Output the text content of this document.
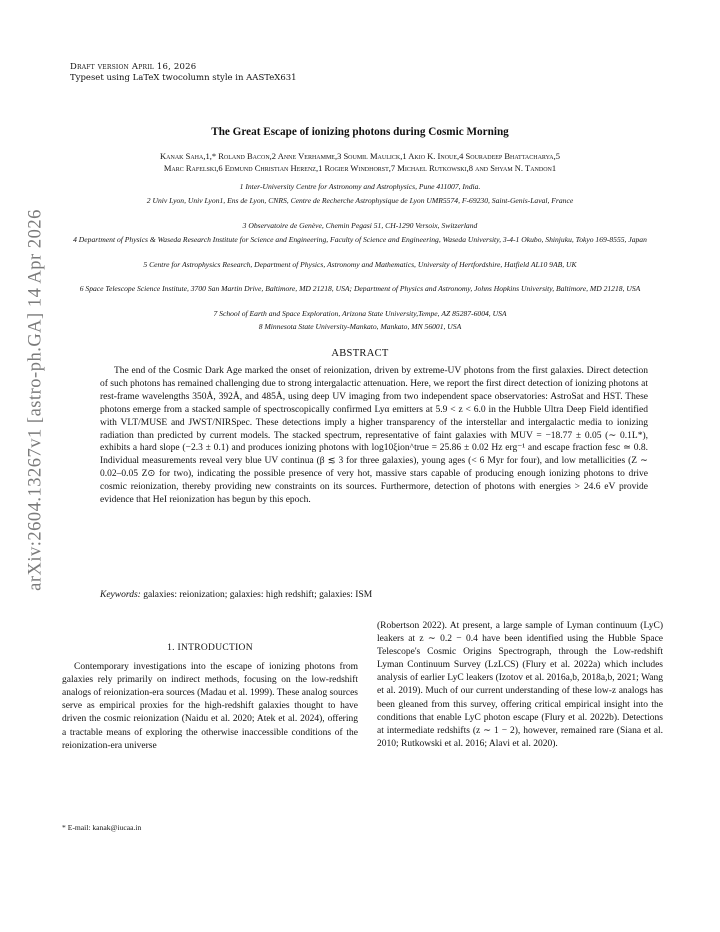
Draft version April 16, 2026
Typeset using LaTeX twocolumn style in AASTeX631
arXiv:2604.13267v1 [astro-ph.GA] 14 Apr 2026
The Great Escape of ionizing photons during Cosmic Morning
Kanak Saha,1,* Roland Bacon,2 Anne Verhamme,3 Soumil Maulick,1 Akio K. Inoue,4 Souradeep Bhattacharya,5
Marc Rafelski,6 Edmund Christian Herenz,1 Rogier Windhorst,7 Michael Rutkowski,8 and Shyam N. Tandon1
1 Inter-University Centre for Astronomy and Astrophysics, Pune 411007, India.
2 Univ Lyon, Univ Lyon1, Ens de Lyon, CNRS, Centre de Recherche Astrophysique de Lyon UMR5574, F-69230, Saint-Genis-Laval, France
3 Observatoire de Genève, Chemin Pegasi 51, CH-1290 Versoix, Switzerland
4 Department of Physics & Waseda Research Institute for Science and Engineering, Faculty of Science and Engineering, Waseda University, 3-4-1 Okubo, Shinjuku, Tokyo 169-8555, Japan
5 Centre for Astrophysics Research, Department of Physics, Astronomy and Mathematics, University of Hertfordshire, Hatfield AL10 9AB, UK
6 Space Telescope Science Institute, 3700 San Martin Drive, Baltimore, MD 21218, USA; Department of Physics and Astronomy, Johns Hopkins University, Baltimore, MD 21218, USA
7 School of Earth and Space Exploration, Arizona State University,Tempe, AZ 85287-6004, USA
8 Minnesota State University-Mankato, Mankato, MN 56001, USA
ABSTRACT

The end of the Cosmic Dark Age marked the onset of reionization, driven by extreme-UV photons from the first galaxies. Direct detection of such photons has remained challenging due to strong intergalactic attenuation. Here, we report the first direct detection of ionizing photons at rest-frame wavelengths 350Å, 392Å, and 485Å, using deep UV imaging from two independent space observatories: AstroSat and HST. These photons emerge from a stacked sample of spectroscopically confirmed Lyα emitters at 5.9 < z < 6.0 in the Hubble Ultra Deep Field identified with VLT/MUSE and JWST/NIRSpec. These detections imply a higher transparency of the interstellar and intergalactic media to ionizing radiation than predicted by current models. The stacked spectrum, representative of faint galaxies with MUV = −18.77 ± 0.05 (∼ 0.1L*), exhibits a hard slope (−2.3 ± 0.1) and produces ionizing photons with log10ξion^true = 25.86 ± 0.02 Hz erg⁻¹ and escape fraction fesc ≃ 0.8. Individual measurements reveal very blue UV continua (β ≲ 3 for three galaxies), young ages (< 6 Myr for four), and low metallicities (Z ∼ 0.02–0.05 Z⊙ for two), indicating the possible presence of very hot, massive stars capable of producing enough ionizing photons to drive cosmic reionization, thereby providing new constraints on its sources. Furthermore, detection of photons with energies > 24.6 eV provide evidence that HeI reionization has begun by this epoch.

Keywords: galaxies: reionization; galaxies: high redshift; galaxies: ISM

1. INTRODUCTION

Contemporary investigations into the escape of ionizing photons from galaxies rely primarily on indirect methods, focusing on the low-redshift analogs of reionization-era sources (Madau et al. 1999). These analog sources serve as empirical proxies for the high-redshift galaxies thought to have driven the cosmic reionization (Naidu et al. 2020; Atek et al. 2024), offering a tractable means of exploring the otherwise inaccessible conditions of the reionization-era universe

(Robertson 2022). At present, a large sample of Lyman continuum (LyC) leakers at z ∼ 0.2 − 0.4 have been identified using the Hubble Space Telescope's Cosmic Origins Spectrograph, through the Low-redshift Lyman Continuum Survey (LzLCS) (Flury et al. 2022a) which includes analysis of earlier LyC leakers (Izotov et al. 2016a,b, 2018a,b, 2021; Wang et al. 2019). Much of our current understanding of these low-z analogs has been gleaned from this survey, offering critical empirical insight into the conditions that enable LyC photon escape (Flury et al. 2022b). Detections at intermediate redshifts (z ∼ 1 − 2), however, remained rare (Siana et al. 2010; Rutkowski et al. 2016; Alavi et al. 2020).

* E-mail: kanak@iucaa.in
